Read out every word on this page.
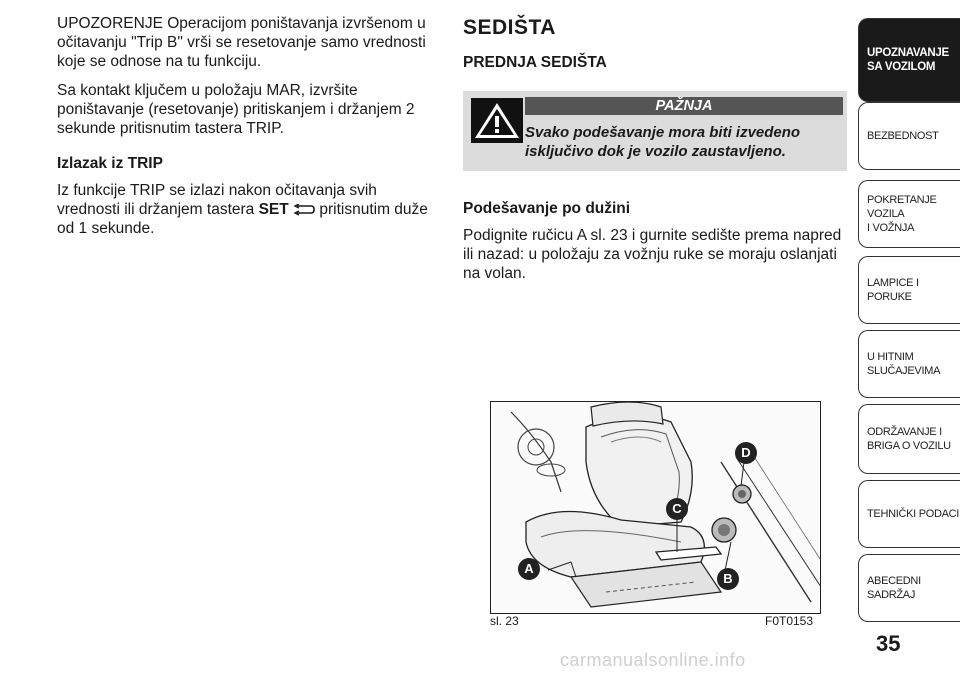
UPOZORENJE Operacijom poništavanja izvršenom u očitavanju "Trip B" vrši se resetovanje samo vrednosti koje se odnose na tu funkciju.

Sa kontakt ključem u položaju MAR, izvršite poništavanje (resetovanje) pritiskanjem i držanjem 2 sekunde pritisnutim tastera TRIP.

Izlazak iz TRIP

Iz funkcije TRIP se izlazi nakon očitavanja svih vrednosti ili držanjem tastera SET  pritisnutim duže od 1 sekunde.

SEDIŠTA
PREDNJA SEDIŠTA
PAŽNJA
Svako podešavanje mora biti izvedeno isključivo dok je vozilo zaustavljeno.
Podešavanje po dužini
Podignite ručicu A sl. 23 i gurnite sedište prema napred ili nazad: u položaju za vožnju ruke se moraju oslanjati na volan.
A
B
C
D
sl. 23	F0T0153
UPOZNAVANJE
SA VOZILOM
BEZBEDNOST
POKRETANJE VOZILA
I VOŽNJA
LAMPICE I PORUKE
U HITNIM
SLUČAJEVIMA
ODRŽAVANJE I
BRIGA O VOZILU
TEHNIČKI PODACI
ABECEDNI SADRŽAJ
35
carmanualsonline.info
